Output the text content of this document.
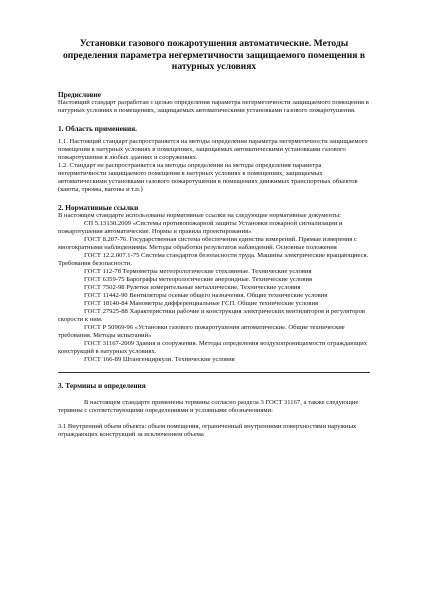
Установки газового пожаротушения автоматические. Методы определения параметра негерметичности защищаемого помещения в натурных условиях

Предисловие

Настоящий стандарт разработан с целью определения параметра негерметичности защищаемого помещения в натурных условиях в помещениях, защищаемых автоматическими установками газового пожаротушения.

1. Область применения.

1.1. Настоящий стандарт распространяется на методы определения параметра негерметичности защищаемого помещения в натурных условиях в помещениях, защищаемых автоматическими установками газового пожаротушения в любых зданиях и сооружениях.

1.2. Стандарт не распространяется на методы определения на методы определения параметра негерметичности защищаемого помещения в натурных условиях в помещениях, защищаемых автоматическими установками газового пожаротушения в помещениях движимых транспортных объектов (каюты, трюмы, вагоны и т.п.)

2. Нормативные ссылки

В настоящем стандарте использованы нормативные ссылки на следующие нормативные документы:

СП 5.13130.2009 «Системы противопожарной защиты Установки пожарной сигнализации и пожаротушения автоматические. Нормы и правила проектирования»

ГОСТ 8.207-76. Государственная система обеспечения единства измерений. Прямые измерения с многократными наблюдениями. Методы обработки результатов наблюдений. Основные положения

ГОСТ 12.2.007.1-75 Система стандартов безопасности труда. Машины электрические вращающиеся. Требования безопасности.

ГОСТ 112-78 Термометры метеорологические стеклянные. Технические условия

ГОСТ 6359-75 Барографы метеорологические анероидные. Технические условия

ГОСТ 7502-98 Рулетки измерительные металлические. Технические условия

ГОСТ 11442-90 Вентиляторы осевые общего назначения. Общие технические условия

ГОСТ 18140-84 Манометры дифференциальные ГСП. Общие технические условия

ГОСТ 27925-88 Характеристики рабочие и конструкция электрических вентиляторов и регуляторов скорости к ним.

ГОСТ Р 50969-96 «Установки газового пожаротушения автоматические. Общие технические требования. Методы испытаний»

ГОСТ 31167-2009 Здания и сооружения. Методы определения воздухопроницаемости ограждающих конструкций в натурных условиях.

ГОСТ 166-89 Штангенциркули. Технические условия

3. Термины и определения

В настоящем стандарте применены термины согласно раздела 3 ГОСТ 31167, а также следующие термины с соответствующими определениями и условными обозначениями:

3.1 Внутренний объем объекта: объем помещения, ограниченный внутренними поверхностями наружных ограждающих конструкций за исключением объема
